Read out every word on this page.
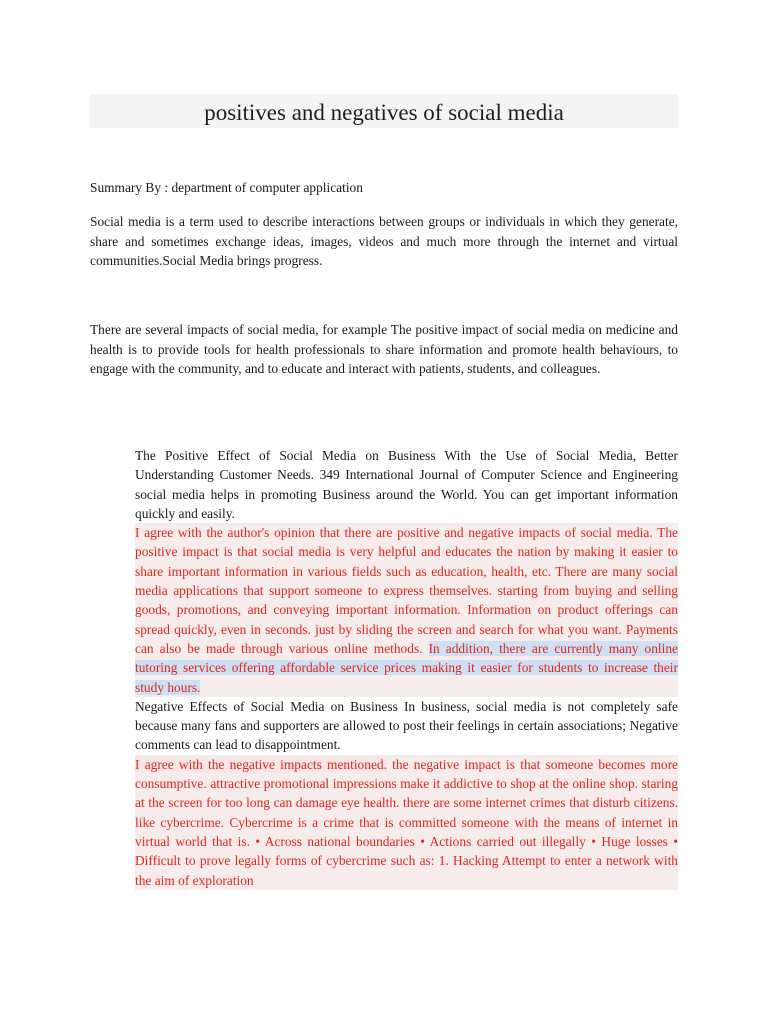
positives and negatives of social media

Summary By : department of computer application

Social media is a term used to describe interactions between groups or individuals in which they generate, share and sometimes exchange ideas, images, videos and much more through the internet and virtual communities.Social Media brings progress.

There are several impacts of social media, for example The positive impact of social media on medicine and health is to provide tools for health professionals to share information and promote health behaviours, to engage with the community, and to educate and interact with patients, students, and colleagues.

The Positive Effect of Social Media on Business With the Use of Social Media, Better Understanding Customer Needs. 349 International Journal of Computer Science and Engineering social media helps in promoting Business around the World. You can get important information quickly and easily.

I agree with the author's opinion that there are positive and negative impacts of social media. The positive impact is that social media is very helpful and educates the nation by making it easier to share important information in various fields such as education, health, etc. There are many social media applications that support someone to express themselves. starting from buying and selling goods, promotions, and conveying important information. Information on product offerings can spread quickly, even in seconds. just by sliding the screen and search for what you want. Payments can also be made through various online methods. In addition, there are currently many online tutoring services offering affordable service prices making it easier for students to increase their study hours.

Negative Effects of Social Media on Business In business, social media is not completely safe because many fans and supporters are allowed to post their feelings in certain associations; Negative comments can lead to disappointment.

I agree with the negative impacts mentioned. the negative impact is that someone becomes more consumptive. attractive promotional impressions make it addictive to shop at the online shop. staring at the screen for too long can damage eye health. there are some internet crimes that disturb citizens. like cybercrime. Cybercrime is a crime that is committed someone with the means of internet in virtual world that is. • Across national boundaries • Actions carried out illegally • Huge losses • Difficult to prove legally forms of cybercrime such as: 1. Hacking Attempt to enter a network with the aim of exploration
